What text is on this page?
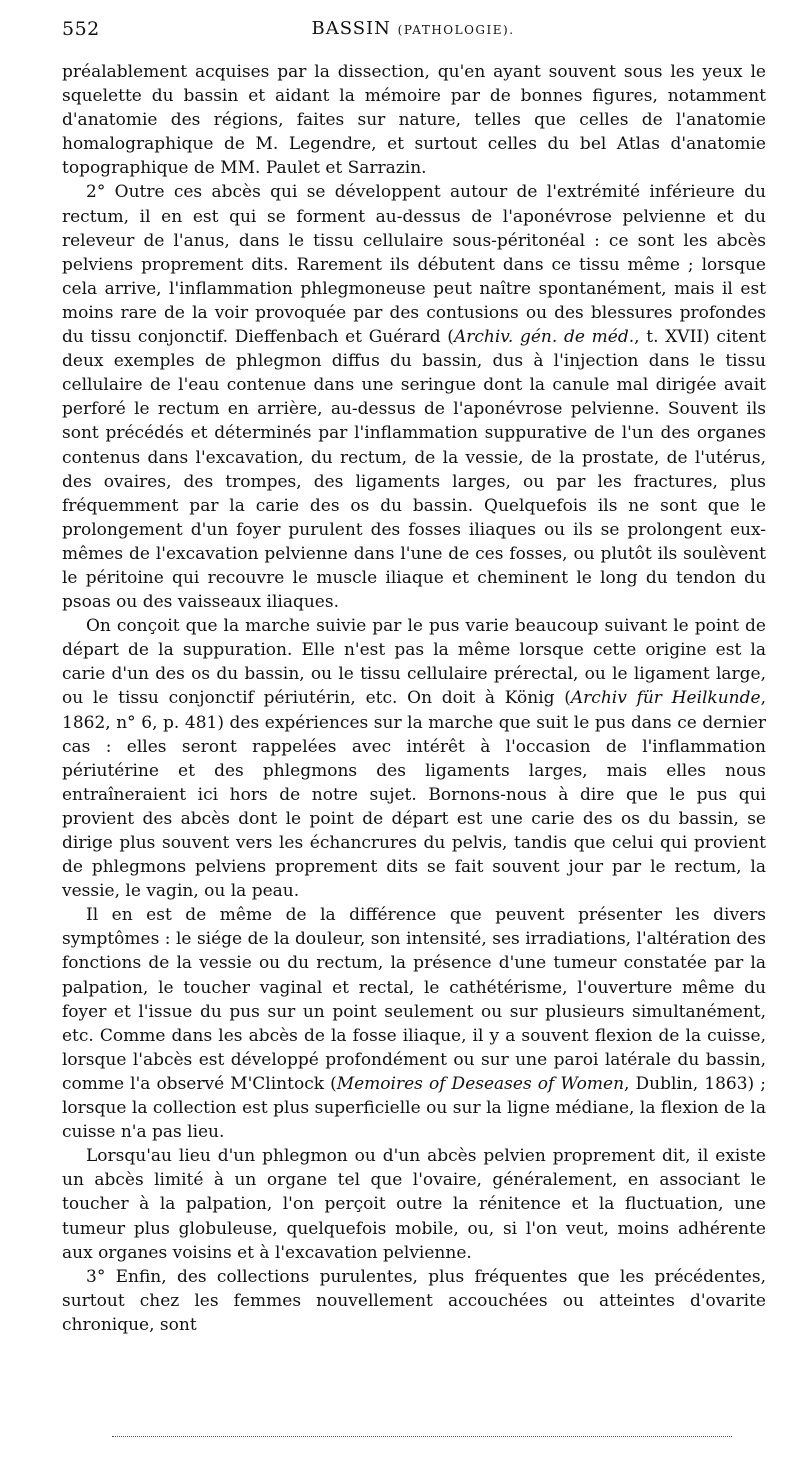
552	BASSIN (PATHOLOGIE).

préalablement acquises par la dissection, qu'en ayant souvent sous les yeux le squelette du bassin et aidant la mémoire par de bonnes figures, notamment d'anatomie des régions, faites sur nature, telles que celles de l'anatomie homalographique de M. Legendre, et surtout celles du bel Atlas d'anatomie topographique de MM. Paulet et Sarrazin.

2° Outre ces abcès qui se développent autour de l'extrémité inférieure du rectum, il en est qui se forment au-dessus de l'aponévrose pelvienne et du releveur de l'anus, dans le tissu cellulaire sous-péritonéal : ce sont les abcès pelviens proprement dits. Rarement ils débutent dans ce tissu même ; lorsque cela arrive, l'inflammation phlegmoneuse peut naître spontanément, mais il est moins rare de la voir provoquée par des contusions ou des blessures profondes du tissu conjonctif. Dieffenbach et Guérard (Archiv. gén. de méd., t. XVII) citent deux exemples de phlegmon diffus du bassin, dus à l'injection dans le tissu cellulaire de l'eau contenue dans une seringue dont la canule mal dirigée avait perforé le rectum en arrière, au-dessus de l'aponévrose pelvienne. Souvent ils sont précédés et déterminés par l'inflammation suppurative de l'un des organes contenus dans l'excavation, du rectum, de la vessie, de la prostate, de l'utérus, des ovaires, des trompes, des ligaments larges, ou par les fractures, plus fréquemment par la carie des os du bassin. Quelquefois ils ne sont que le prolongement d'un foyer purulent des fosses iliaques ou ils se prolongent eux-mêmes de l'excavation pelvienne dans l'une de ces fosses, ou plutôt ils soulèvent le péritoine qui recouvre le muscle iliaque et cheminent le long du tendon du psoas ou des vaisseaux iliaques.

On conçoit que la marche suivie par le pus varie beaucoup suivant le point de départ de la suppuration. Elle n'est pas la même lorsque cette origine est la carie d'un des os du bassin, ou le tissu cellulaire prérectal, ou le ligament large, ou le tissu conjonctif périutérin, etc. On doit à König (Archiv für Heilkunde, 1862, n° 6, p. 481) des expériences sur la marche que suit le pus dans ce dernier cas : elles seront rappelées avec intérêt à l'occasion de l'inflammation périutérine et des phlegmons des ligaments larges, mais elles nous entraîneraient ici hors de notre sujet. Bornons-nous à dire que le pus qui provient des abcès dont le point de départ est une carie des os du bassin, se dirige plus souvent vers les échancrures du pelvis, tandis que celui qui provient de phlegmons pelviens proprement dits se fait souvent jour par le rectum, la vessie, le vagin, ou la peau.

Il en est de même de la différence que peuvent présenter les divers symptômes : le siége de la douleur, son intensité, ses irradiations, l'altération des fonctions de la vessie ou du rectum, la présence d'une tumeur constatée par la palpation, le toucher vaginal et rectal, le cathétérisme, l'ouverture même du foyer et l'issue du pus sur un point seulement ou sur plusieurs simultanément, etc. Comme dans les abcès de la fosse iliaque, il y a souvent flexion de la cuisse, lorsque l'abcès est développé profondément ou sur une paroi latérale du bassin, comme l'a observé M'Clintock (Memoires of Deseases of Women, Dublin, 1863) ; lorsque la collection est plus superficielle ou sur la ligne médiane, la flexion de la cuisse n'a pas lieu.

Lorsqu'au lieu d'un phlegmon ou d'un abcès pelvien proprement dit, il existe un abcès limité à un organe tel que l'ovaire, généralement, en associant le toucher à la palpation, l'on perçoit outre la rénitence et la fluctuation, une tumeur plus globuleuse, quelquefois mobile, ou, si l'on veut, moins adhérente aux organes voisins et à l'excavation pelvienne.

3° Enfin, des collections purulentes, plus fréquentes que les précédentes, surtout chez les femmes nouvellement accouchées ou atteintes d'ovarite chronique, sont
